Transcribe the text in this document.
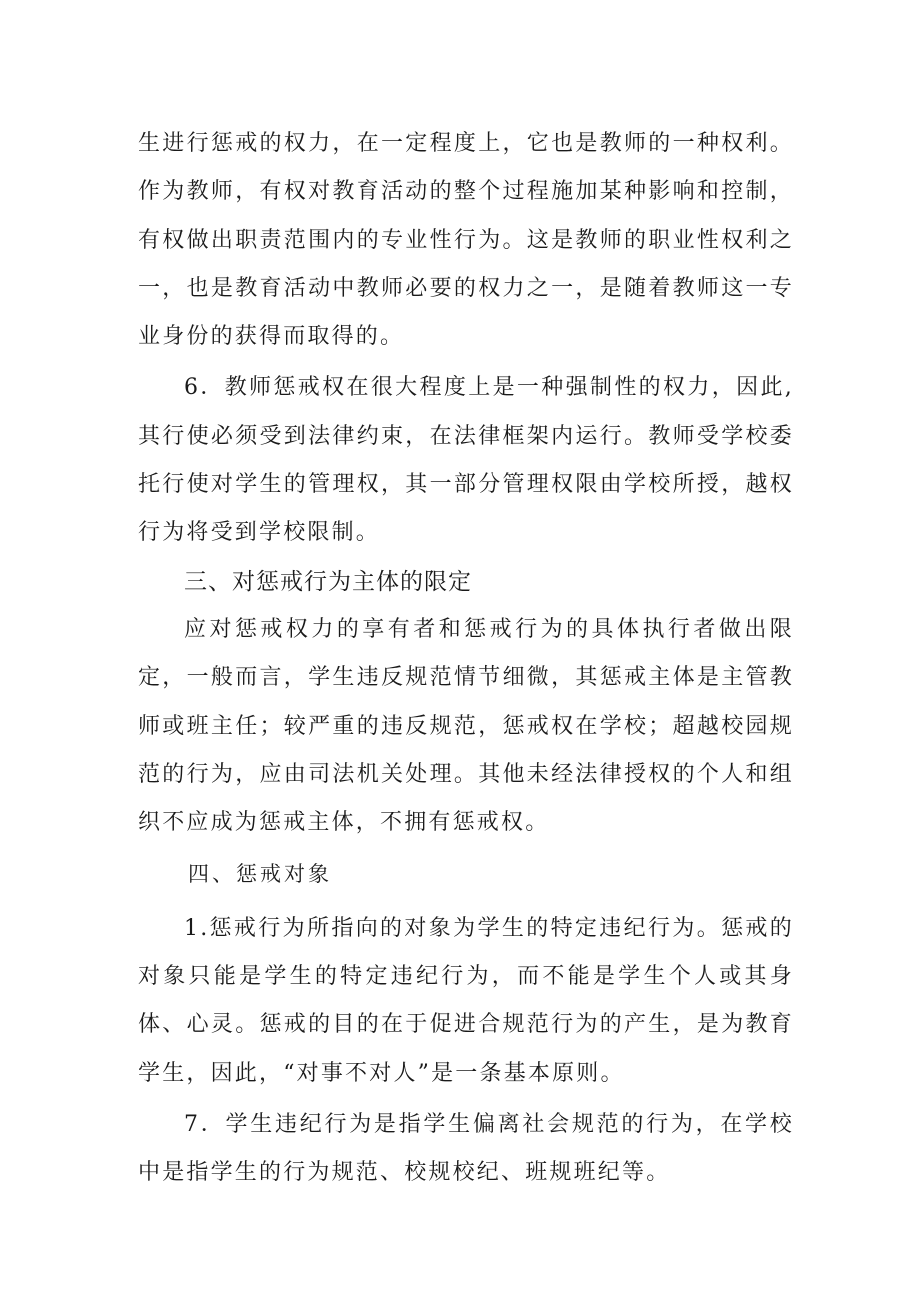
生进行惩戒的权力，在一定程度上，它也是教师的一种权利。作为教师，有权对教育活动的整个过程施加某种影响和控制，有权做出职责范围内的专业性行为。这是教师的职业性权利之一，也是教育活动中教师必要的权力之一，是随着教师这一专业身份的获得而取得的。

6．教师惩戒权在很大程度上是一种强制性的权力，因此,其行使必须受到法律约束，在法律框架内运行。教师受学校委托行使对学生的管理权，其一部分管理权限由学校所授，越权行为将受到学校限制。

三、对惩戒行为主体的限定

应对惩戒权力的享有者和惩戒行为的具体执行者做出限定，一般而言，学生违反规范情节细微，其惩戒主体是主管教师或班主任；较严重的违反规范，惩戒权在学校；超越校园规范的行为，应由司法机关处理。其他未经法律授权的个人和组织不应成为惩戒主体，不拥有惩戒权。

四、惩戒对象

1.惩戒行为所指向的对象为学生的特定违纪行为。惩戒的对象只能是学生的特定违纪行为，而不能是学生个人或其身体、心灵。惩戒的目的在于促进合规范行为的产生，是为教育学生，因此，“对事不对人”是一条基本原则。

7．学生违纪行为是指学生偏离社会规范的行为，在学校中是指学生的行为规范、校规校纪、班规班纪等。
